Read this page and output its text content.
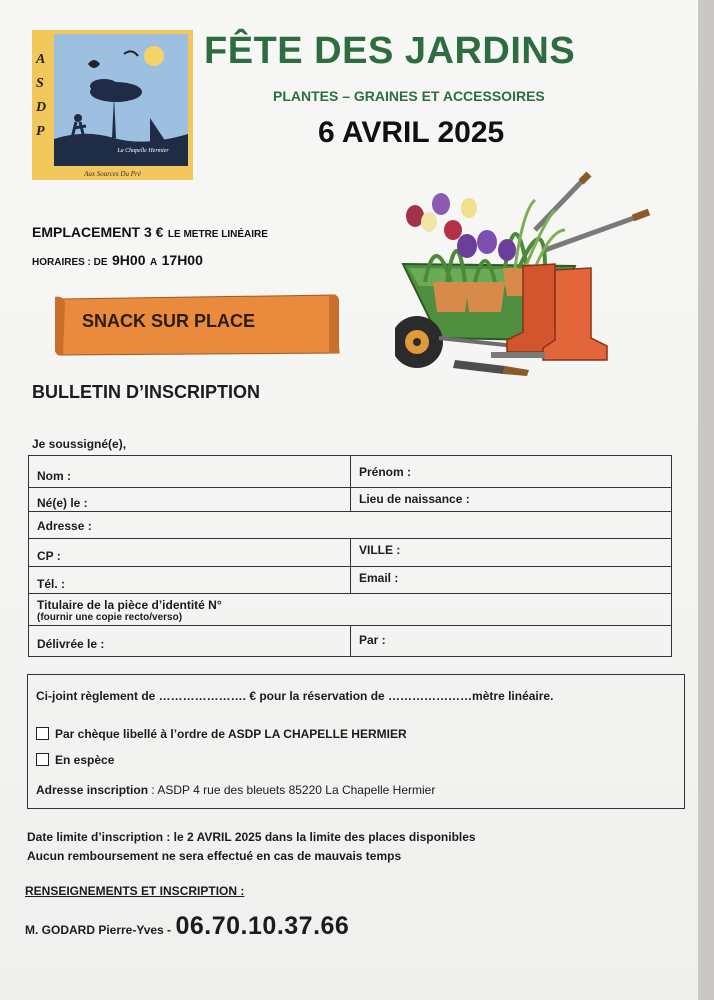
A
S
D
P
La Chapelle Hermier
Aux Sources Du Pré
FÊTE DES JARDINS
PLANTES – GRAINES ET ACCESSOIRES
6 AVRIL 2025
EMPLACEMENT 3 € LE METRE LINÉAIRE
HORAIRES : DE 9H00 A 17H00
SNACK SUR PLACE
BULLETIN D’INSCRIPTION
Je soussigné(e),
Nom :	Prénom :
Né(e) le :	Lieu de naissance :
Adresse :
CP :	VILLE :
Tél. :	Email :
Titulaire de la pièce d’identité N°
(fournir une copie recto/verso)
Délivrée le :	Par :
Ci-joint règlement de …………………. € pour la réservation de …………………mètre linéaire.
Par chèque libellé à l’ordre de ASDP LA CHAPELLE HERMIER
En espèce
Adresse inscription : ASDP 4 rue des bleuets 85220 La Chapelle Hermier
Date limite d’inscription : le 2 AVRIL 2025 dans la limite des places disponibles
Aucun remboursement ne sera effectué en cas de mauvais temps
RENSEIGNEMENTS ET INSCRIPTION :
M. GODARD Pierre-Yves - 06.70.10.37.66
